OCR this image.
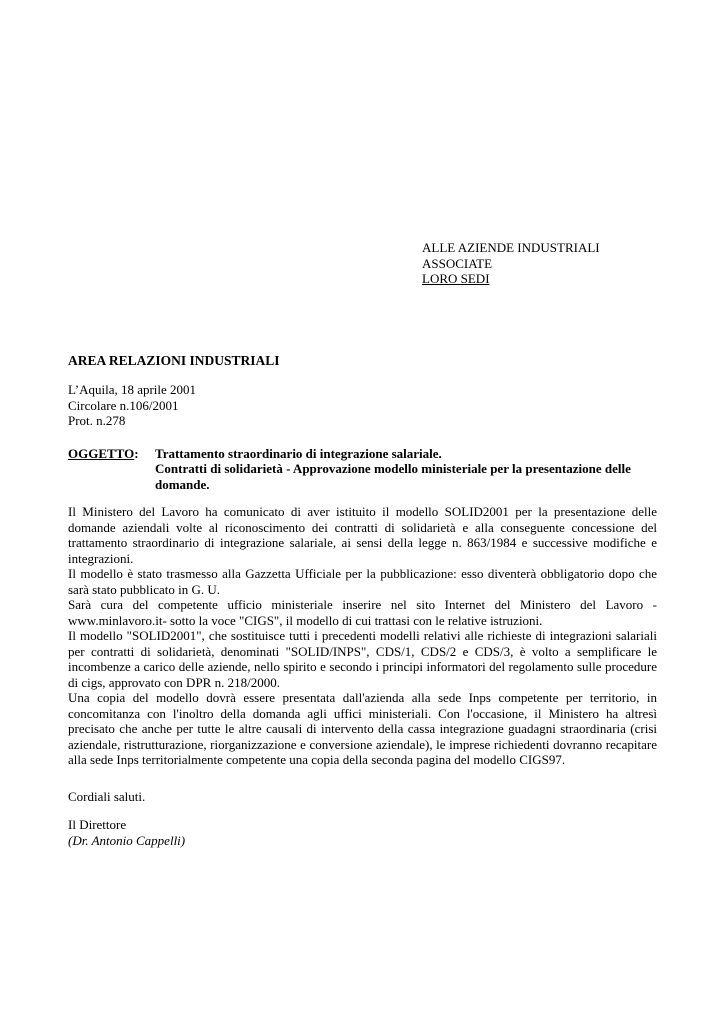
ALLE AZIENDE INDUSTRIALI
ASSOCIATE
LORO SEDI
AREA RELAZIONI INDUSTRIALI
L’Aquila, 18 aprile 2001
Circolare n.106/2001
Prot. n.278
OGGETTO:	Trattamento straordinario di integrazione salariale.
Contratti di solidarietà - Approvazione modello ministeriale per la presentazione delle domande.

Il Ministero del Lavoro ha comunicato di aver istituito il modello SOLID2001 per la presentazione delle domande aziendali volte al riconoscimento dei contratti di solidarietà e alla conseguente concessione del trattamento straordinario di integrazione salariale, ai sensi della legge n. 863/1984 e successive modifiche e integrazioni.

Il modello è stato trasmesso alla Gazzetta Ufficiale per la pubblicazione: esso diventerà obbligatorio dopo che sarà stato pubblicato in G. U.

Sarà cura del competente ufficio ministeriale inserire nel sito Internet del Ministero del Lavoro - www.minlavoro.it- sotto la voce "CIGS", il modello di cui trattasi con le relative istruzioni.

Il modello "SOLID2001", che sostituisce tutti i precedenti modelli relativi alle richieste di integrazioni salariali per contratti di solidarietà, denominati "SOLID/INPS", CDS/1, CDS/2 e CDS/3, è volto a semplificare le incombenze a carico delle aziende, nello spirito e secondo i principi informatori del regolamento sulle procedure di cigs, approvato con DPR n. 218/2000.

Una copia del modello dovrà essere presentata dall'azienda alla sede Inps competente per territorio, in concomitanza con l'inoltro della domanda agli uffici ministeriali. Con l'occasione, il Ministero ha altresì precisato che anche per tutte le altre causali di intervento della cassa integrazione guadagni straordinaria (crisi aziendale, ristrutturazione, riorganizzazione e conversione aziendale), le imprese richiedenti dovranno recapitare alla sede Inps territorialmente competente una copia della seconda pagina del modello CIGS97.

Cordiali saluti.
Il Direttore
(Dr. Antonio Cappelli)
